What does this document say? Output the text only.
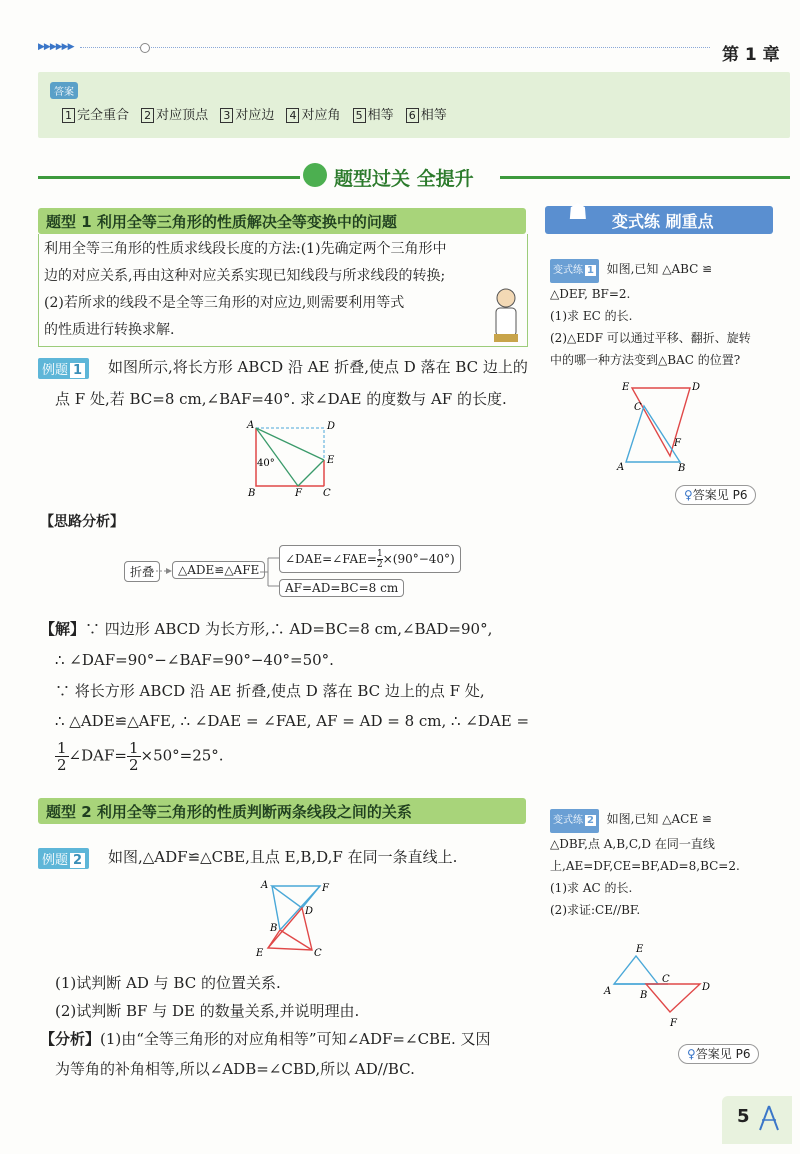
▶▶▶▶▶▶	第 1 章
答案
1 完全重合 2 对应顶点 3 对应边 4 对应角 5 相等 6 相等
题型过关 全提升
题型 1 利用全等三角形的性质解决全等变换中的问题
利用全等三角形的性质求线段长度的方法:(1)先确定两个三角形中
边的对应关系,再由这种对应关系实现已知线段与所求线段的转换;
(2)若所求的线段不是全等三角形的对应边,则需要利用等式
的性质进行转换求解.
例题 1	如图所示,将长方形 ABCD 沿 AE 折叠,使点 D 落在 BC 边上的
点 F 处,若 BC=8 cm,∠BAF=40°. 求∠DAE 的度数与 AF 的长度.
A	D
E
B	F C
40°
【思路分析】
折叠	△ADE≌△AFE
∠DAE=∠FAE= $\frac{1}{2} \times(90^\circ-40^\circ)$
AF=AD=BC=8 cm
【解】∵ 四边形 ABCD 为长方形,∴ AD=BC=8 cm,∠BAD=90°,
∴ ∠DAF=90°−∠BAF=90°−40°=50°.
∵ 将长方形 ABCD 沿 AE 折叠,使点 D 落在 BC 边上的点 F 处,
∴ △ADE≌△AFE, ∴ ∠DAE = ∠FAE, AF = AD = 8 cm, ∴ ∠DAE =
$\frac{1}{2}$ ∠DAF= $\frac{1}{2} \times 50^\circ=25^\circ$.
题型 2 利用全等三角形的性质判断两条线段之间的关系
例题 2	如图,△ADF≌△CBE,且点 E,B,D,F 在同一条直线上.
A	F
D
B
E	C
(1)试判断 AD 与 BC 的位置关系.
(2)试判断 BF 与 DE 的数量关系,并说明理由.
【分析】(1)由“全等三角形的对应角相等”可知∠ADF=∠CBE. 又因
为等角的补角相等,所以∠ADB=∠CBD,所以 AD//BC.
☗ 变式练 刷重点
变式练 1 如图,已知 △ABC ≌
△DEF, BF=2.
(1)求 EC 的长.
(2)△EDF 可以通过平移、翻折、旋转
中的哪一种方法变到△BAC 的位置?
E	D
C
F
A	B
♀答案见 P6
变式练 2 如图,已知 △ACE ≌
△DBF,点 A,B,C,D 在同一直线
上,AE=DF,CE=BF,AD=8,BC=2.
(1)求 AC 的长.
(2)求证:CE//BF.
E
A	B
C
D
F
♀答案见 P6
5
